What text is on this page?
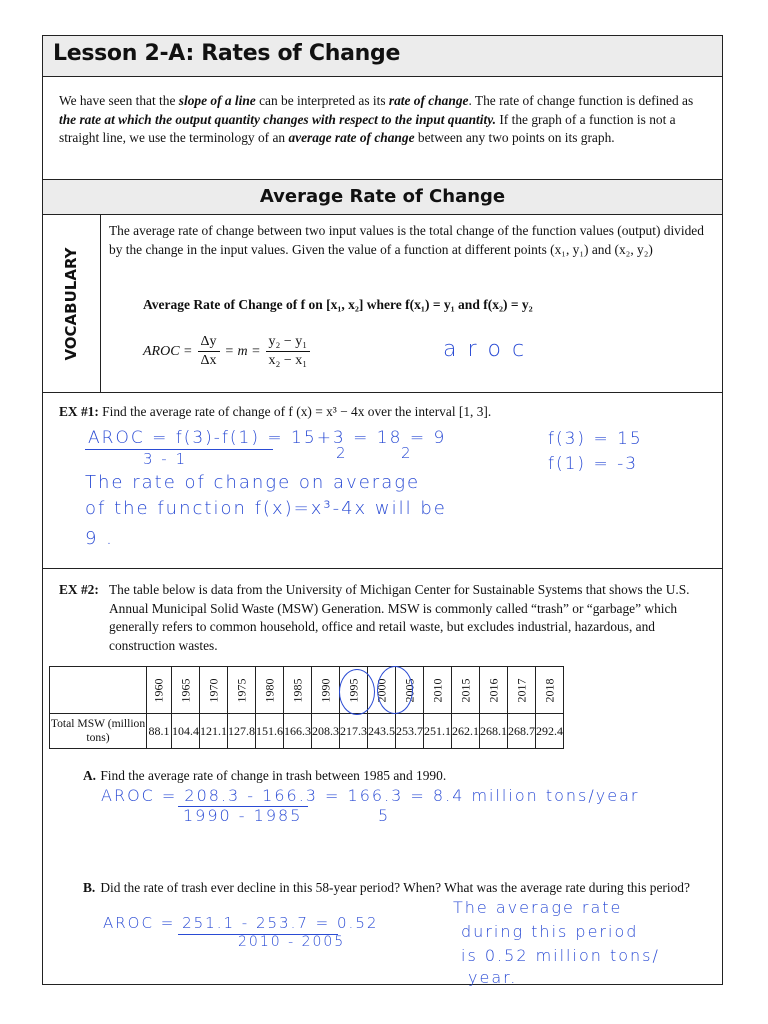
Lesson 2-A: Rates of Change
We have seen that the slope of a line can be interpreted as its rate of change. The rate of change function is defined as the rate at which the output quantity changes with respect to the input quantity. If the graph of a function is not a straight line, we use the terminology of an average rate of change between any two points on its graph.
Average Rate of Change
VOCABULARY
The average rate of change between two input values is the total change of the function values (output) divided by the change in the input values. Given the value of a function at different points (x₁, y₁) and (x₂, y₂)
Average Rate of Change of f on [x₁, x₂] where f(x₁) = y₁ and f(x₂) = y₂
AROC = $\frac{\Delta y}{\Delta x} = m = \frac{\text{y₂ − y₁}}{\text{x₂ − x₁}}$	a r o c
EX #1: Find the average rate of change of f (x) = x³ − 4x over the interval [1, 3].
AROC = f(3)-f(1) = 15+3 = 18 = 9
3 - 1	2	2
f(3) = 15
f(1) = -3
The rate of change on average
of the function f(x)=x³-4x will be
9 .
EX #2: The table below is data from the University of Michigan Center for Sustainable Systems that shows the U.S. Annual Municipal Solid Waste (MSW) Generation. MSW is commonly called “trash” or “garbage” which generally refers to common household, office and retail waste, but excludes industrial, hazardous, and construction wastes.
	1960	1965	1970	1975	1980	1985	1990	1995	2000	2005	2010	2015	2016	2017	2018
Total MSW (million tons)	88.1	104.4	121.1	127.8	151.6	166.3	208.3	217.3	243.5	253.7	251.1	262.1	268.1	268.7	292.4
A. Find the average rate of change in trash between 1985 and 1990.
AROC = 208.3 - 166.3 = 166.3 = 8.4 million tons/year
1990 - 1985	5
B. Did the rate of trash ever decline in this 58-year period? When? What was the average rate during this period?
AROC = 251.1 - 253.7 = 0.52
2010 - 2005
The average rate
during this period
is 0.52 million tons/
year.
